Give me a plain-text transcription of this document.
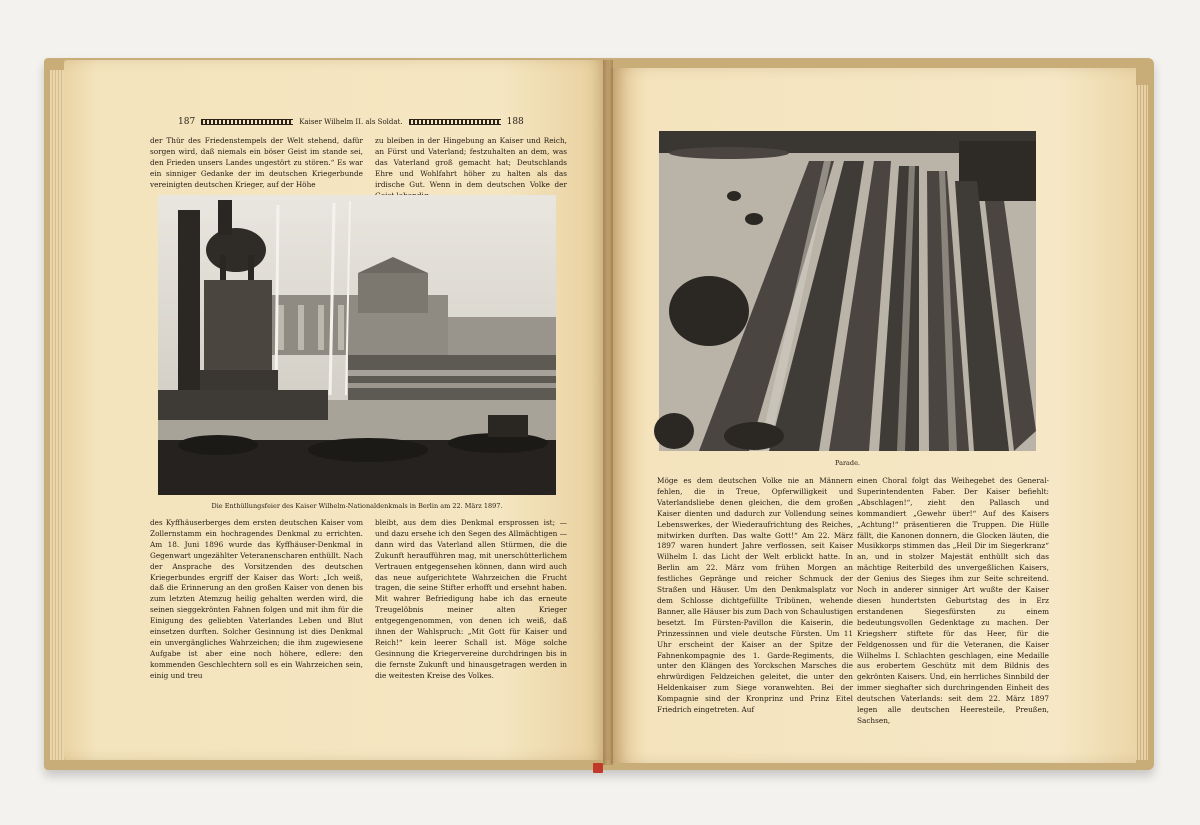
187	Kaiser Wilhelm II. als Soldat.	188
der Thür des Friedenstempels der Welt stehend, dafür sorgen wird, daß niemals ein böser Geist im stande sei, den Frieden unsers Landes ungestört zu stören.“ Es war ein sinniger Gedanke der im deutschen Kriegerbunde vereinigten deutschen Krieger, auf der Höhe
zu bleiben in der Hingebung an Kaiser und Reich, an Fürst und Vaterland; festzuhalten an dem, was das Vaterland groß gemacht hat; Deutschlands Ehre und Wohlfahrt höher zu halten als das irdische Gut. Wenn in dem deutschen Volke der
Die Enthüllungsfeier des Kaiser Wilhelm-Nationaldenkmals in Berlin am 22. März 1897.
des Kyffhäuserberges dem ersten deutschen Kaiser vom Zollernstamm ein hochragendes Denkmal zu errichten. Am 18. Juni 1896 wurde das Kyffhäuser-Denkmal in Gegenwart ungezählter Veteranenscharen enthüllt. Nach der Ansprache des Vorsitzenden des deutschen Kriegerbundes ergriff der Kaiser das Wort: „Ich weiß, daß die Erinnerung an den großen Kaiser von denen bis zum letzten Atemzug heilig gehalten werden wird, die seinen sieggekrönten Fahnen folgen und mit ihm für die Einigung des geliebten Vaterlandes Leben und Blut einsetzen durften. Solcher Gesinnung ist dies Denkmal ein unvergängliches Wahrzeichen; die ihm zugewiesene Aufgabe ist aber eine noch höhere, edlere: den kommenden Geschlechtern soll es ein Wahrzeichen sein, einig und treu
bleibt, aus dem dies Denkmal ersprossen ist; — und dazu ersehe ich den Segen des Allmächtigen — dann wird das Vaterland allen Stürmen, die die Zukunft heraufführen mag, mit unerschütterlichem Vertrauen entgegensehen können, dann wird auch das neue aufgerichtete Wahrzeichen die Frucht tragen, die seine Stifter erhofft und ersehnt haben. Mit wahrer Befriedigung habe ich das erneute Treugelöbnis meiner alten Krieger entgegengenommen, von denen ich weiß, daß ihnen der Wahlspruch: „Mit Gott für Kaiser und Reich!“ kein leerer Schall ist. Möge solche Gesinnung die Kriegervereine durchdringen bis in die fernste Zukunft und hinausgetragen werden in die weitesten Kreise des Volkes.
Parade.
Möge es dem deutschen Volke nie an Männern fehlen, die in Treue, Opferwilligkeit und Vaterlandsliebe denen gleichen, die dem großen Kaiser dienten und dadurch zur Vollendung seines Lebenswerkes, der Wiederaufrichtung des Reiches, mitwirken durften. Das walte Gott!“ Am 22. März 1897 waren hundert Jahre verflossen, seit Kaiser Wilhelm I. das Licht der Welt erblickt hatte. In Berlin am 22. März vom frühen Morgen an festliches Gepränge und reicher Schmuck der Straßen und Häuser. Um den Denkmalsplatz vor dem Schlosse dichtgefüllte Tribünen, wehende Banner, alle Häuser bis zum Dach von Schaulustigen besetzt. Im Fürsten-Pavillon die Kaiserin, die Prinzessinnen und viele deutsche Fürsten. Um 11 Uhr erscheint der Kaiser an der Spitze der Fahnenkompagnie des 1. Garde-Regiments, die unter den Klängen des Yorckschen Marsches die ehrwürdigen Feldzeichen geleitet, die unter den Heldenkaiser zum Siege voranwehten. Bei der Kompagnie sind der Kronprinz und Prinz Eitel Friedrich eingetreten. Auf
einen Choral folgt das Weihegebet des General-Superintendenten Faber. Der Kaiser befiehlt: „Abschlagen!“, zieht den Pallasch und kommandiert „Gewehr über!“ Auf des Kaisers „Achtung!“ präsentieren die Truppen. Die Hülle fällt, die Kanonen donnern, die Glocken läuten, die Musikkorps stimmen das „Heil Dir im Siegerkranz“ an, und in stolzer Majestät enthüllt sich das mächtige Reiterbild des unvergeßlichen Kaisers, der Genius des Sieges ihm zur Seite schreitend. Noch in anderer sinniger Art wußte der Kaiser diesen hundertsten Geburtstag des in Erz erstandenen Siegesfürsten zu einem bedeutungsvollen Gedenktage zu machen. Der Kriegsherr stiftete für das Heer, für die Feldgenossen und für die Veteranen, die Kaiser Wilhelms I. Schlachten geschlagen, eine Medaille aus erobertem Geschütz mit dem Bildnis des gekrönten Kaisers. Und, ein herrliches Sinnbild der immer sieghafter sich durchringenden Einheit des deutschen Vaterlands: seit dem 22. März 1897 legen alle deutschen Heeresteile, Preußen, Sachsen,
